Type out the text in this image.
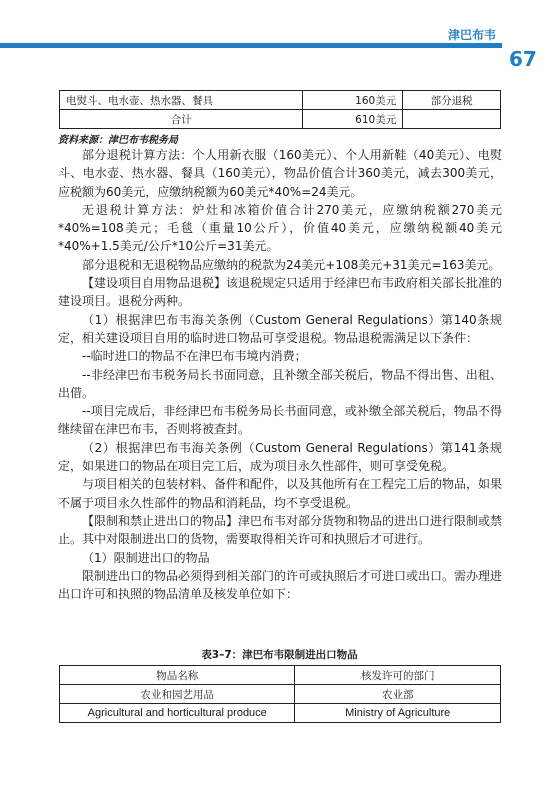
津巴布韦
67
电熨斗、电水壶、热水器、餐具	160美元	部分退税
合计	610美元	
资料来源：津巴布韦税务局

部分退税计算方法：个人用新衣服（160美元）、个人用新鞋（40美元）、电熨斗、电水壶、热水器、餐具（160美元），物品价值合计360美元，减去300美元，应税额为60美元，应缴纳税额为60美元*40%=24美元。

无退税计算方法：炉灶和冰箱价值合计270美元，应缴纳税额270美元*40%=108美元；毛毯（重量10公斤），价值40美元，应缴纳税额40美元*40%+1.5美元/公斤*10公斤=31美元。

部分退税和无退税物品应缴纳的税款为24美元+108美元+31美元=163美元。

【建设项目自用物品退税】该退税规定只适用于经津巴布韦政府相关部长批准的建设项目。退税分两种。

（1）根据津巴布韦海关条例（Custom General Regulations）第140条规定，相关建设项目自用的临时进口物品可享受退税。物品退税需满足以下条件：

--临时进口的物品不在津巴布韦境内消费；

--非经津巴布韦税务局长书面同意，且补缴全部关税后，物品不得出售、出租、出借。

--项目完成后，非经津巴布韦税务局长书面同意，或补缴全部关税后，物品不得继续留在津巴布韦，否则将被查封。

（2）根据津巴布韦海关条例（Custom General Regulations）第141条规定，如果进口的物品在项目完工后，成为项目永久性部件，则可享受免税。

与项目相关的包装材料、备件和配件，以及其他所有在工程完工后的物品，如果不属于项目永久性部件的物品和消耗品，均不享受退税。

【限制和禁止进出口的物品】津巴布韦对部分货物和物品的进出口进行限制或禁止。其中对限制进出口的货物，需要取得相关许可和执照后才可进行。

（1）限制进出口的物品

限制进出口的物品必须得到相关部门的许可或执照后才可进口或出口。需办理进出口许可和执照的物品清单及核发单位如下：

表3–7：津巴布韦限制进出口物品
物品名称	核发许可的部门
农业和园艺用品	农业部
Agricultural and horticultural produce	Ministry of Agriculture
